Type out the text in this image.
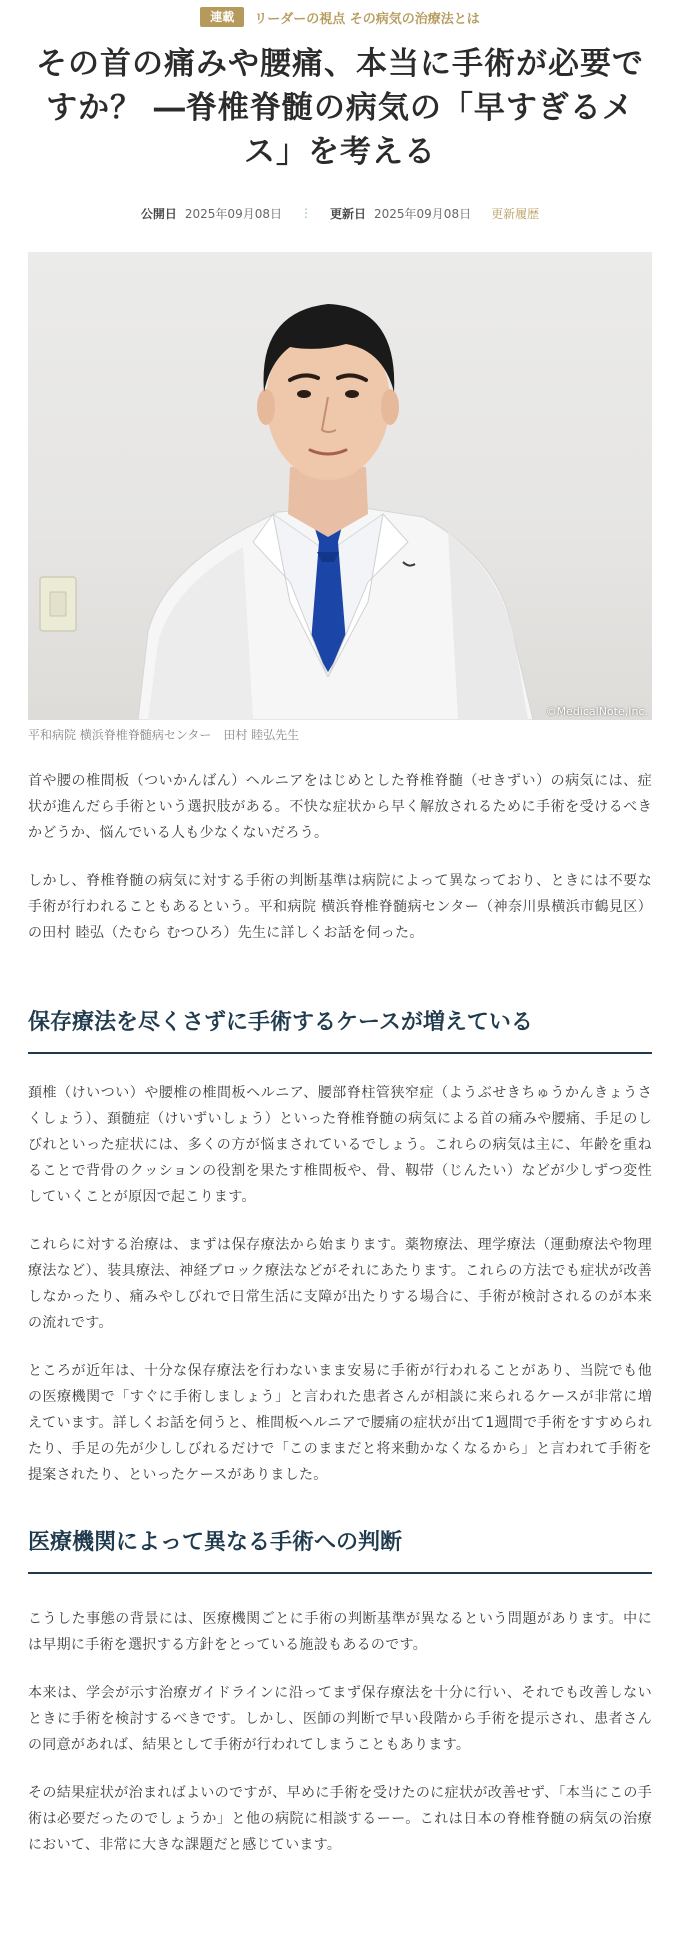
連載	リーダーの視点 その病気の治療法とは
その首の痛みや腰痛、本当に手術が必要ですか？ ―脊椎脊髄の病気の「早すぎるメス」を考える
公開日 2025年09月08日 ⋮ 更新日 2025年09月08日 更新履歴
©MedicalNote,Inc.
平和病院 横浜脊椎脊髄病センター　田村 睦弘先生

首や腰の椎間板（ついかんばん）ヘルニアをはじめとした脊椎脊髄（せきずい）の病気には、症状が進んだら手術という選択肢がある。不快な症状から早く解放されるために手術を受けるべきかどうか、悩んでいる人も少なくないだろう。

しかし、脊椎脊髄の病気に対する手術の判断基準は病院によって異なっており、ときには不要な手術が行われることもあるという。平和病院 横浜脊椎脊髄病センター（神奈川県横浜市鶴見区）の田村 睦弘（たむら むつひろ）先生に詳しくお話を伺った。

保存療法を尽くさずに手術するケースが増えている

頚椎（けいつい）や腰椎の椎間板ヘルニア、腰部脊柱管狭窄症（ようぶせきちゅうかんきょうさくしょう）、頚髄症（けいずいしょう）といった脊椎脊髄の病気による首の痛みや腰痛、手足のしびれといった症状には、多くの方が悩まされているでしょう。これらの病気は主に、年齢を重ねることで背骨のクッションの役割を果たす椎間板や、骨、靱帯（じんたい）などが少しずつ変性していくことが原因で起こります。

これらに対する治療は、まずは保存療法から始まります。薬物療法、理学療法（運動療法や物理療法など）、装具療法、神経ブロック療法などがそれにあたります。これらの方法でも症状が改善しなかったり、痛みやしびれで日常生活に支障が出たりする場合に、手術が検討されるのが本来の流れです。

ところが近年は、十分な保存療法を行わないまま安易に手術が行われることがあり、当院でも他の医療機関で「すぐに手術しましょう」と言われた患者さんが相談に来られるケースが非常に増えています。詳しくお話を伺うと、椎間板ヘルニアで腰痛の症状が出て1週間で手術をすすめられたり、手足の先が少ししびれるだけで「このままだと将来動かなくなるから」と言われて手術を提案されたり、といったケースがありました。

医療機関によって異なる手術への判断

こうした事態の背景には、医療機関ごとに手術の判断基準が異なるという問題があります。中には早期に手術を選択する方針をとっている施設もあるのです。

本来は、学会が示す治療ガイドラインに沿ってまず保存療法を十分に行い、それでも改善しないときに手術を検討するべきです。しかし、医師の判断で早い段階から手術を提示され、患者さんの同意があれば、結果として手術が行われてしまうこともあります。

その結果症状が治まればよいのですが、早めに手術を受けたのに症状が改善せず、「本当にこの手術は必要だったのでしょうか」と他の病院に相談するーー。これは日本の脊椎脊髄の病気の治療において、非常に大きな課題だと感じています。
